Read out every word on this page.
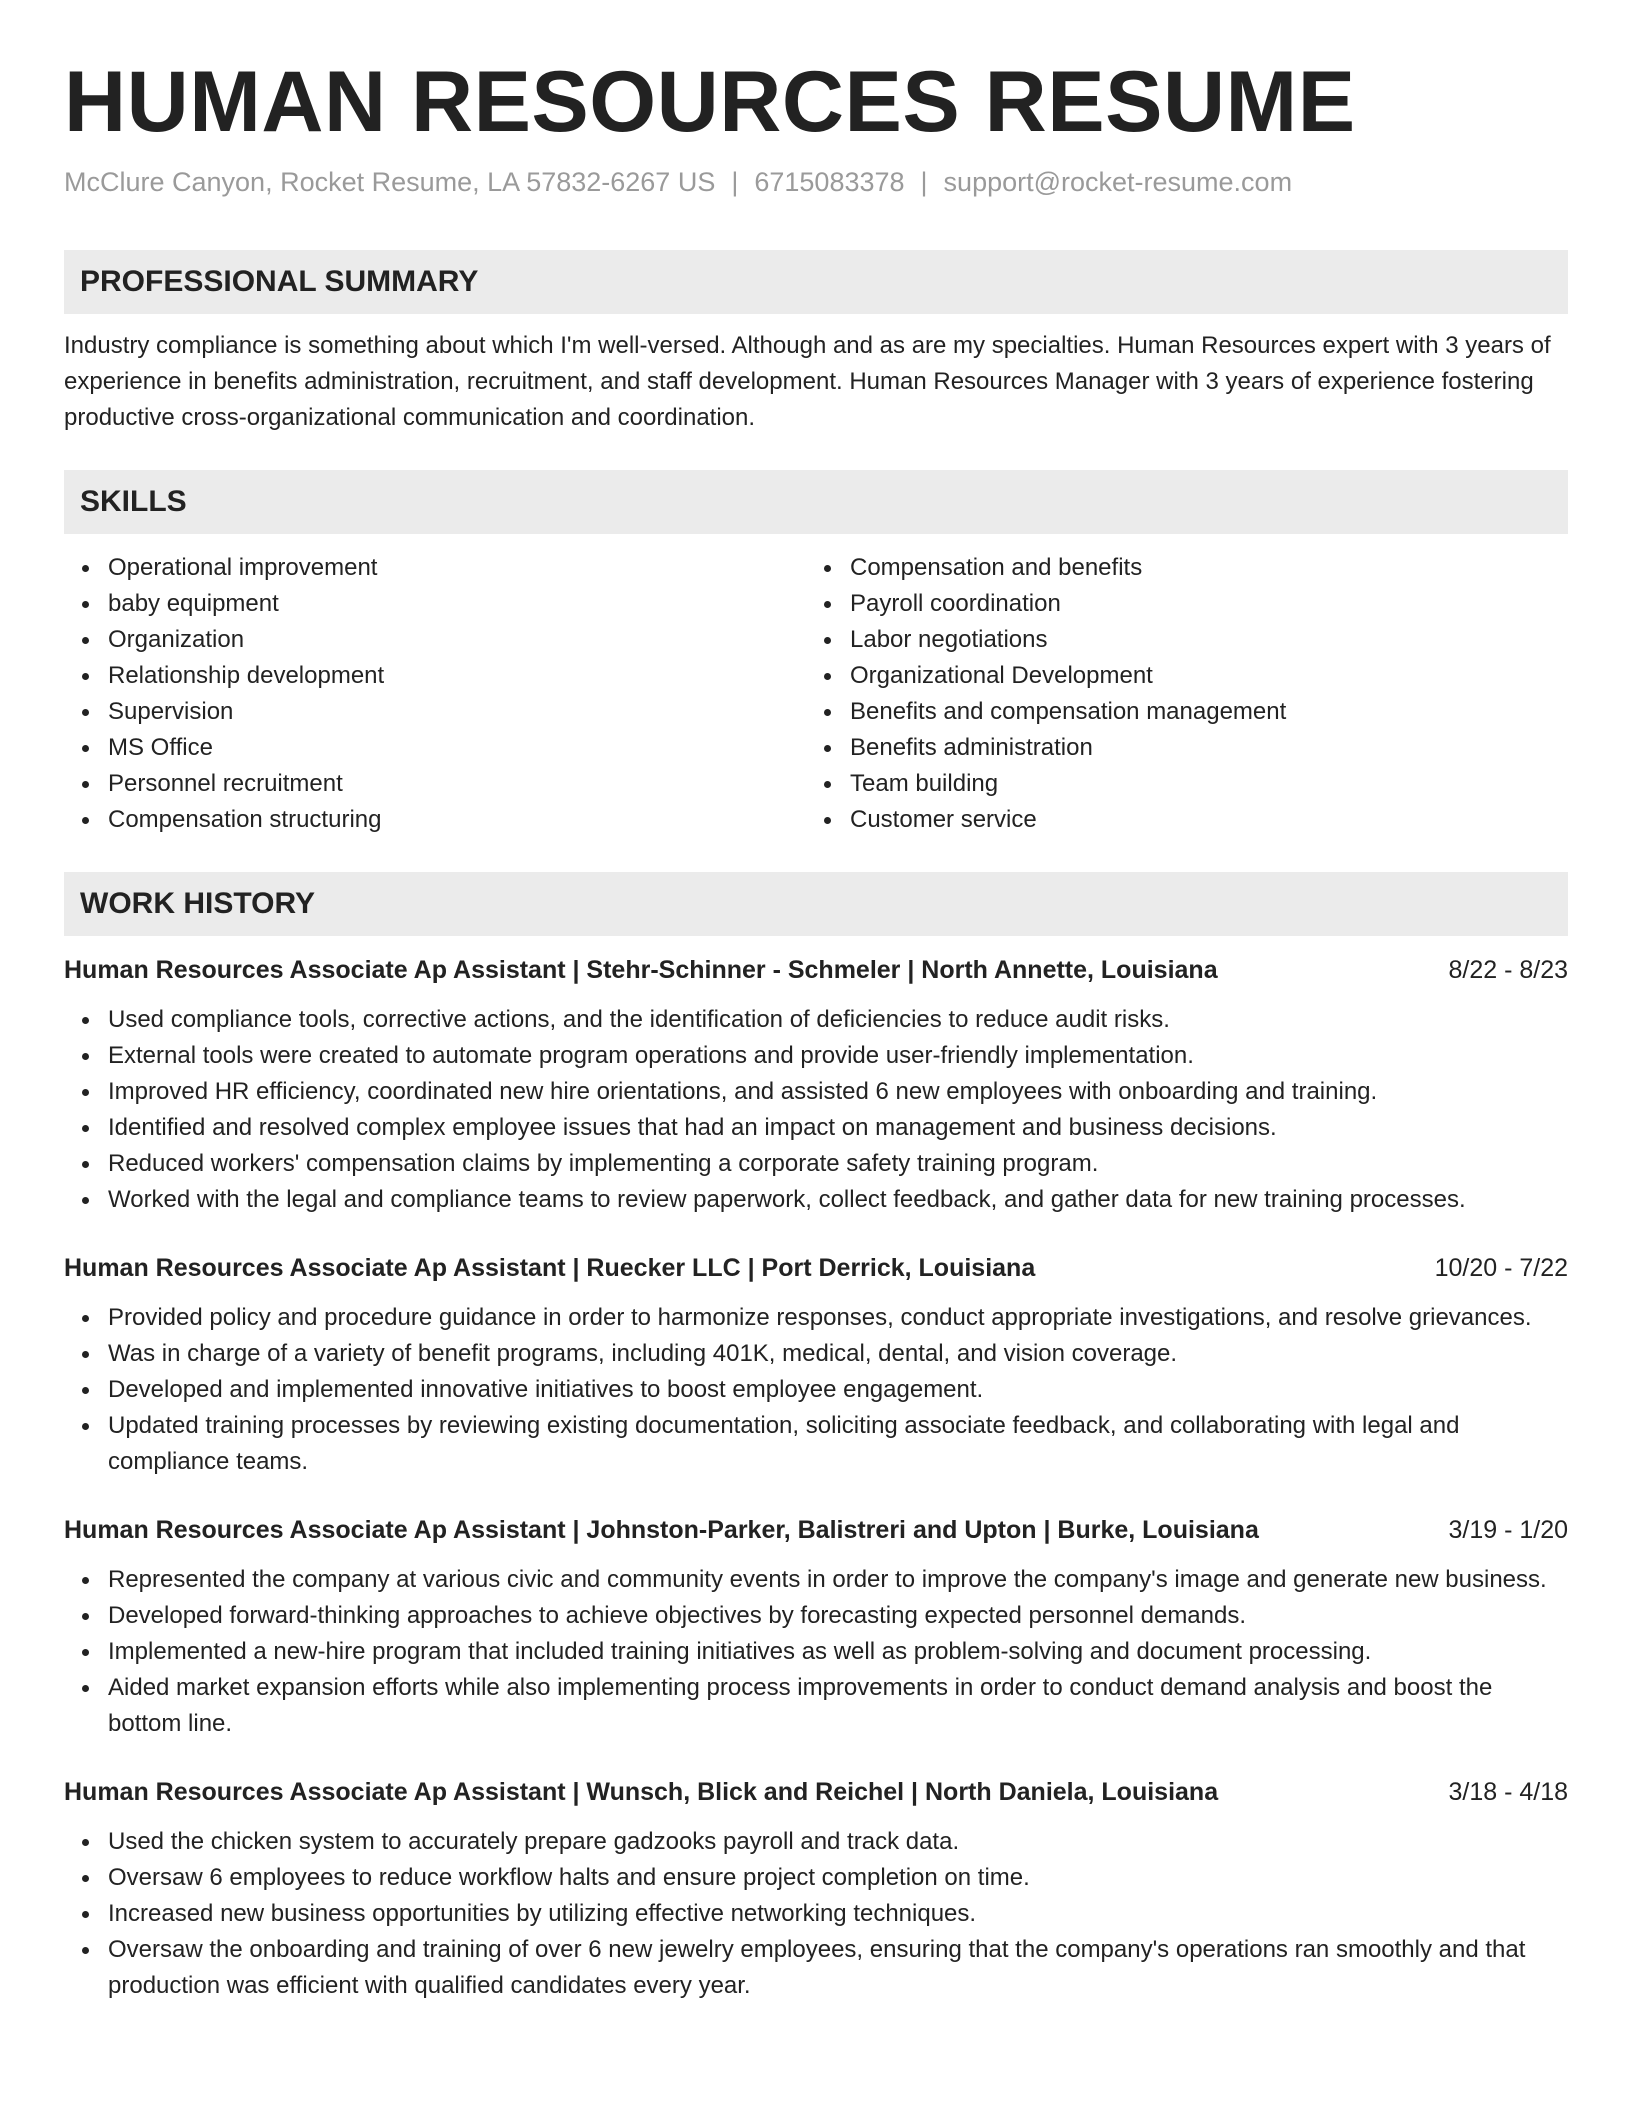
HUMAN RESOURCES RESUME
McClure Canyon, Rocket Resume, LA 57832-6267 US | 6715083378 | support@rocket-resume.com
PROFESSIONAL SUMMARY
Industry compliance is something about which I'm well-versed. Although and as are my specialties. Human Resources expert with 3 years of experience in benefits administration, recruitment, and staff development. Human Resources Manager with 3 years of experience fostering productive cross-organizational communication and coordination.
SKILLS
Operational improvement
baby equipment
Organization
Relationship development
Supervision
MS Office
Personnel recruitment
Compensation structuring
Compensation and benefits
Payroll coordination
Labor negotiations
Organizational Development
Benefits and compensation management
Benefits administration
Team building
Customer service
WORK HISTORY
Human Resources Associate Ap Assistant | Stehr-Schinner - Schmeler | North Annette, Louisiana	8/22 - 8/23
Used compliance tools, corrective actions, and the identification of deficiencies to reduce audit risks.
External tools were created to automate program operations and provide user-friendly implementation.
Improved HR efficiency, coordinated new hire orientations, and assisted 6 new employees with onboarding and training.
Identified and resolved complex employee issues that had an impact on management and business decisions.
Reduced workers' compensation claims by implementing a corporate safety training program.
Worked with the legal and compliance teams to review paperwork, collect feedback, and gather data for new training processes.
Human Resources Associate Ap Assistant | Ruecker LLC | Port Derrick, Louisiana	10/20 - 7/22
Provided policy and procedure guidance in order to harmonize responses, conduct appropriate investigations, and resolve grievances.
Was in charge of a variety of benefit programs, including 401K, medical, dental, and vision coverage.
Developed and implemented innovative initiatives to boost employee engagement.
Updated training processes by reviewing existing documentation, soliciting associate feedback, and collaborating with legal and compliance teams.
Human Resources Associate Ap Assistant | Johnston-Parker, Balistreri and Upton | Burke, Louisiana	3/19 - 1/20
Represented the company at various civic and community events in order to improve the company's image and generate new business.
Developed forward-thinking approaches to achieve objectives by forecasting expected personnel demands.
Implemented a new-hire program that included training initiatives as well as problem-solving and document processing.
Aided market expansion efforts while also implementing process improvements in order to conduct demand analysis and boost the bottom line.
Human Resources Associate Ap Assistant | Wunsch, Blick and Reichel | North Daniela, Louisiana	3/18 - 4/18
Used the chicken system to accurately prepare gadzooks payroll and track data.
Oversaw 6 employees to reduce workflow halts and ensure project completion on time.
Increased new business opportunities by utilizing effective networking techniques.
Oversaw the onboarding and training of over 6 new jewelry employees, ensuring that the company's operations ran smoothly and that production was efficient with qualified candidates every year.
